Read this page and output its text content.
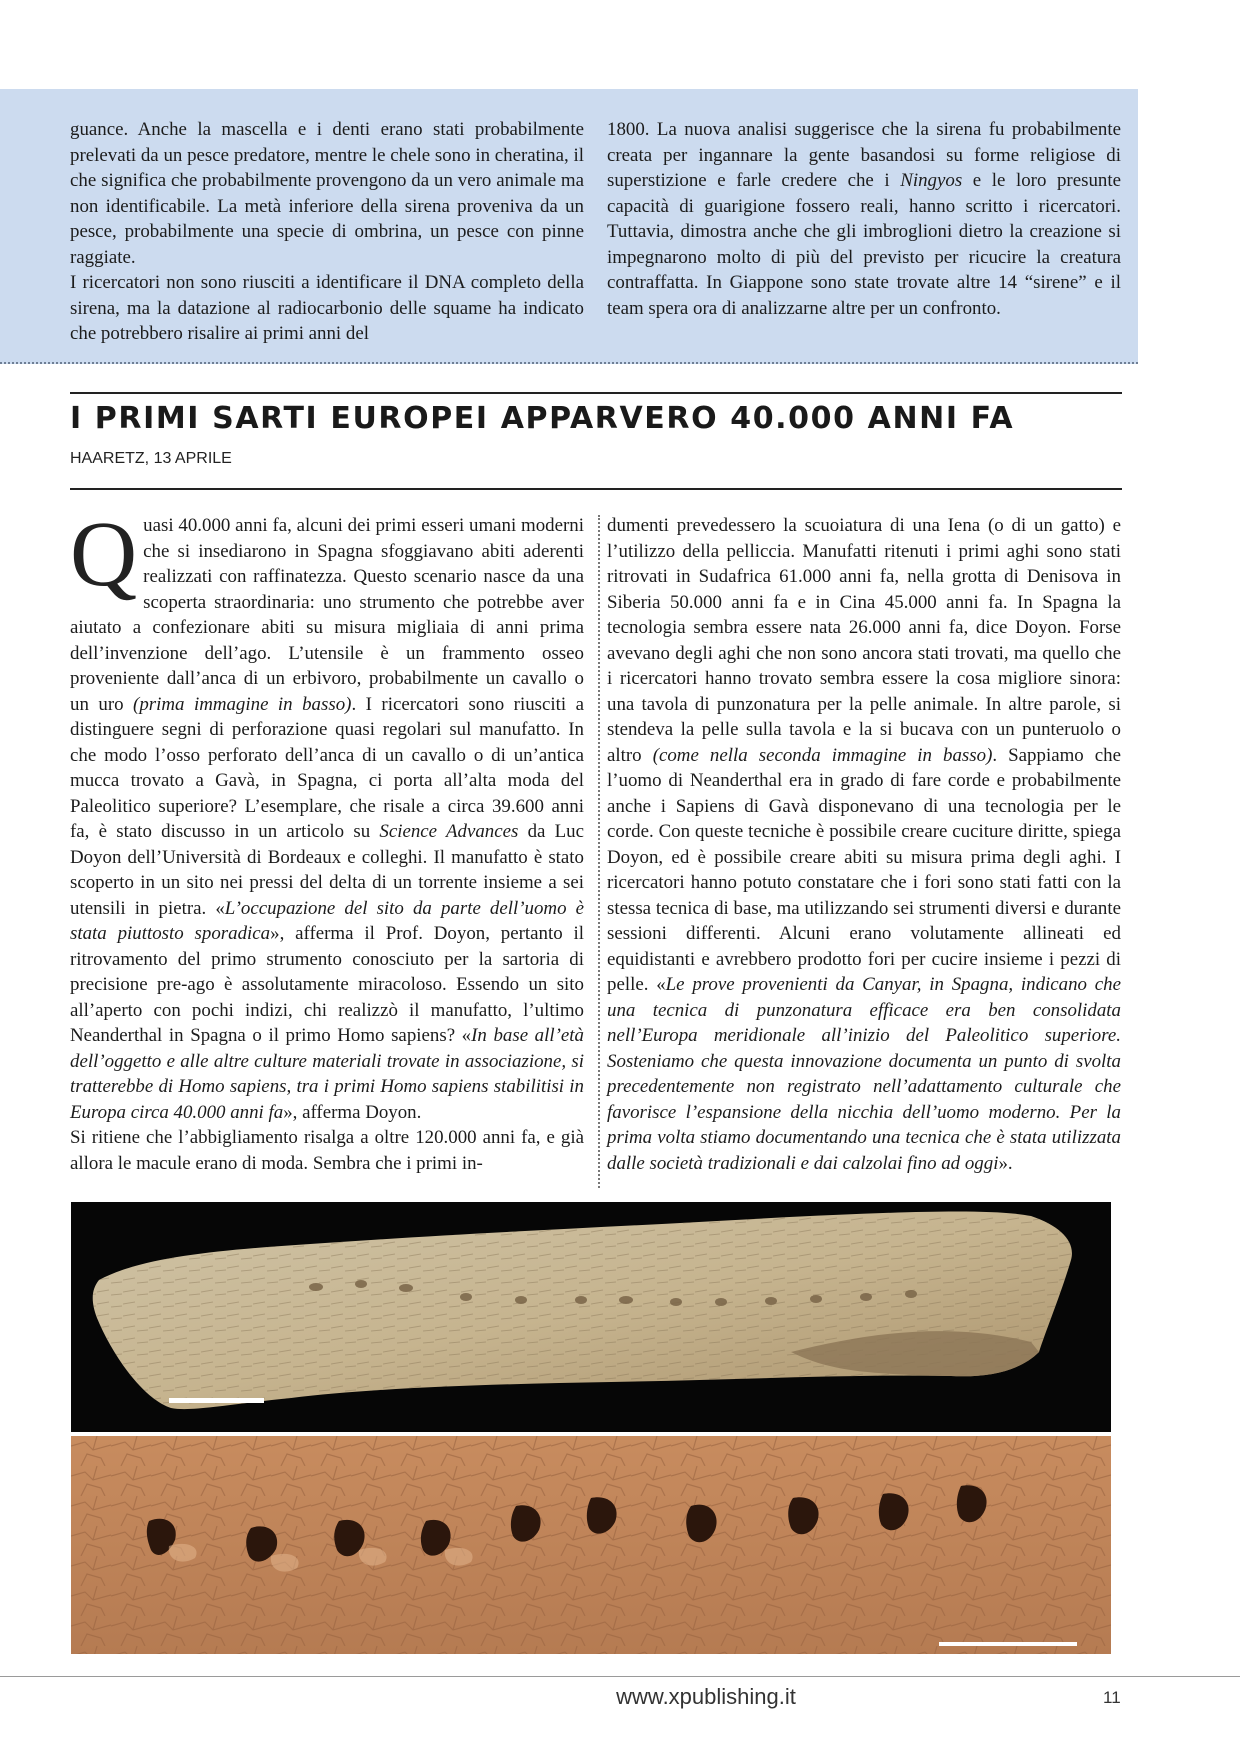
guance. Anche la mascella e i denti erano stati probabilmente prelevati da un pesce predatore, mentre le chele sono in cheratina, il che significa che probabilmente provengono da un vero animale ma non identificabile. La metà inferiore della sirena proveniva da un pesce, probabilmente una specie di ombrina, un pesce con pinne raggiate.

I ricercatori non sono riusciti a identificare il DNA completo della sirena, ma la datazione al radiocarbonio delle squame ha indicato che potrebbero risalire ai primi anni del

1800. La nuova analisi suggerisce che la sirena fu probabilmente creata per ingannare la gente basandosi su forme religiose di superstizione e farle credere che i Ningyos e le loro presunte capacità di guarigione fossero reali, hanno scritto i ricercatori. Tuttavia, dimostra anche che gli imbroglioni dietro la creazione si impegnarono molto di più del previsto per ricucire la creatura contraffatta. In Giappone sono state trovate altre 14 “sirene” e il team spera ora di analizzarne altre per un confronto.

I PRIMI SARTI EUROPEI APPARVERO 40.000 ANNI FA
HAARETZ, 13 APRILE

Quasi 40.000 anni fa, alcuni dei primi esseri umani moderni che si insediarono in Spagna sfoggiavano abiti aderenti realizzati con raffinatezza. Questo scenario nasce da una scoperta straordinaria: uno strumento che potrebbe aver aiutato a confezionare abiti su misura migliaia di anni prima dell’invenzione dell’ago. L’utensile è un frammento osseo proveniente dall’anca di un erbivoro, probabilmente un cavallo o un uro (prima immagine in basso). I ricercatori sono riusciti a distinguere segni di perforazione quasi regolari sul manufatto. In che modo l’osso perforato dell’anca di un cavallo o di un’antica mucca trovato a Gavà, in Spagna, ci porta all’alta moda del Paleolitico superiore? L’esemplare, che risale a circa 39.600 anni fa, è stato discusso in un articolo su Science Advances da Luc Doyon dell’Università di Bordeaux e colleghi. Il manufatto è stato scoperto in un sito nei pressi del delta di un torrente insieme a sei utensili in pietra. «L’occupazione del sito da parte dell’uomo è stata piuttosto sporadica», afferma il Prof. Doyon, pertanto il ritrovamento del primo strumento conosciuto per la sartoria di precisione pre-ago è assolutamente miracoloso. Essendo un sito all’aperto con pochi indizi, chi realizzò il manufatto, l’ultimo Neanderthal in Spagna o il primo Homo sapiens? «In base all’età dell’oggetto e alle altre culture materiali trovate in associazione, si tratterebbe di Homo sapiens, tra i primi Homo sapiens stabilitisi in Europa circa 40.000 anni fa», afferma Doyon.

Si ritiene che l’abbigliamento risalga a oltre 120.000 anni fa, e già allora le macule erano di moda. Sembra che i primi in-

dumenti prevedessero la scuoiatura di una Iena (o di un gatto) e l’utilizzo della pelliccia. Manufatti ritenuti i primi aghi sono stati ritrovati in Sudafrica 61.000 anni fa, nella grotta di Denisova in Siberia 50.000 anni fa e in Cina 45.000 anni fa. In Spagna la tecnologia sembra essere nata 26.000 anni fa, dice Doyon. Forse avevano degli aghi che non sono ancora stati trovati, ma quello che i ricercatori hanno trovato sembra essere la cosa migliore sinora: una tavola di punzonatura per la pelle animale. In altre parole, si stendeva la pelle sulla tavola e la si bucava con un punteruolo o altro (come nella seconda immagine in basso). Sappiamo che l’uomo di Neanderthal era in grado di fare corde e probabilmente anche i Sapiens di Gavà disponevano di una tecnologia per le corde. Con queste tecniche è possibile creare cuciture diritte, spiega Doyon, ed è possibile creare abiti su misura prima degli aghi. I ricercatori hanno potuto constatare che i fori sono stati fatti con la stessa tecnica di base, ma utilizzando sei strumenti diversi e durante sessioni differenti. Alcuni erano volutamente allineati ed equidistanti e avrebbero prodotto fori per cucire insieme i pezzi di pelle. «Le prove provenienti da Canyar, in Spagna, indicano che una tecnica di punzonatura efficace era ben consolidata nell’Europa meridionale all’inizio del Paleolitico superiore. Sosteniamo che questa innovazione documenta un punto di svolta precedentemente non registrato nell’adattamento culturale che favorisce l’espansione della nicchia dell’uomo moderno. Per la prima volta stiamo documentando una tecnica che è stata utilizzata dalle società tradizionali e dai calzolai fino ad oggi».

www.xpublishing.it	11
